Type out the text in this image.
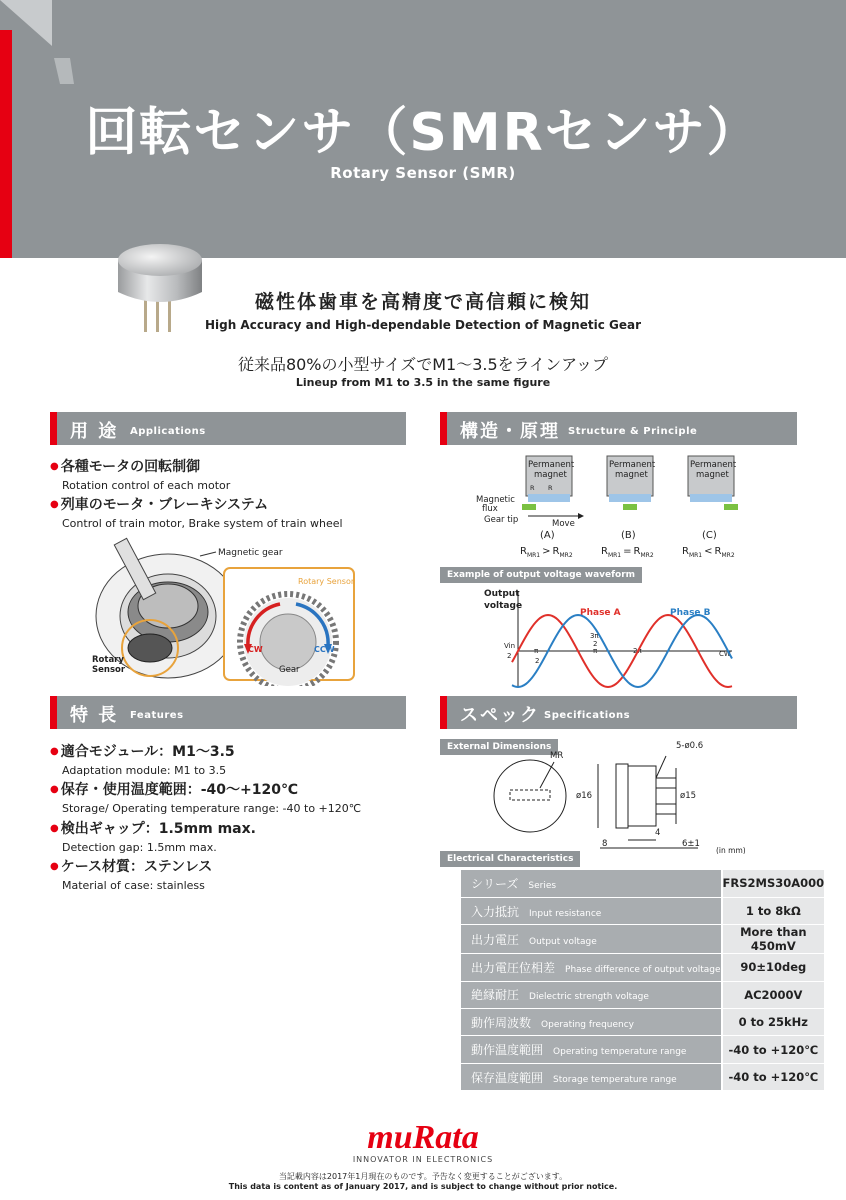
回転センサ（SMRセンサ）
Rotary Sensor (SMR)
磁性体歯車を高精度で高信頼に検知
High Accuracy and High-dependable Detection of Magnetic Gear
従来品80%の小型サイズでM1〜3.5をラインアップ
Lineup from M1 to 3.5 in the same figure
用 途 Applications
● 各種モータの回転制御
Rotation control of each motor
● 列車のモータ・ブレーキシステム
Control of train motor, Brake system of train wheel
Magnetic gear
Rotary
Sensor
Rotary Sensor
CW	CCW
Gear
構造・原理 Structure & Principle
Permanent
magnet
Permanent
magnet
Permanent
magnet
R R
Magnetic
flux
Gear tip	Move
(A)	(B)	(C)
$R_{MR1} > R_{MR2}$	$R_{MR1} = R_{MR2}$	$R_{MR1} < R_{MR2}$
Example of output voltage waveform
Output
voltage
Phase A	Phase B
Vin
2
π
2
π
3π
2
2π	CW
特 長 Features
● 適合モジュール：M1〜3.5
Adaptation module: M1 to 3.5
● 保存・使用温度範囲：-40〜+120℃
Storage/ Operating temperature range: -40 to +120℃
● 検出ギャップ：1.5mm max.
Detection gap: 1.5mm max.
● ケース材質：ステンレス
Material of case: stainless
スペック Specifications
External Dimensions
MR
ø16	ø15
5-ø0.6
4
8	6±1
(in mm)
Electrical Characteristics
シリーズ Series	FRS2MS30A000
入力抵抗 Input resistance	1 to 8kΩ
出力電圧 Output voltage	More than 450mV
出力電圧位相差 Phase difference of output voltage	90±10deg
絶縁耐圧 Dielectric strength voltage	AC2000V
動作周波数 Operating frequency	0 to 25kHz
動作温度範囲 Operating temperature range	-40 to +120℃
保存温度範囲 Storage temperature range	-40 to +120℃
muRata
INNOVATOR IN ELECTRONICS
当記載内容は2017年1月現在のものです。予告なく変更することがございます。
This data is content as of January 2017, and is subject to change without prior notice.
